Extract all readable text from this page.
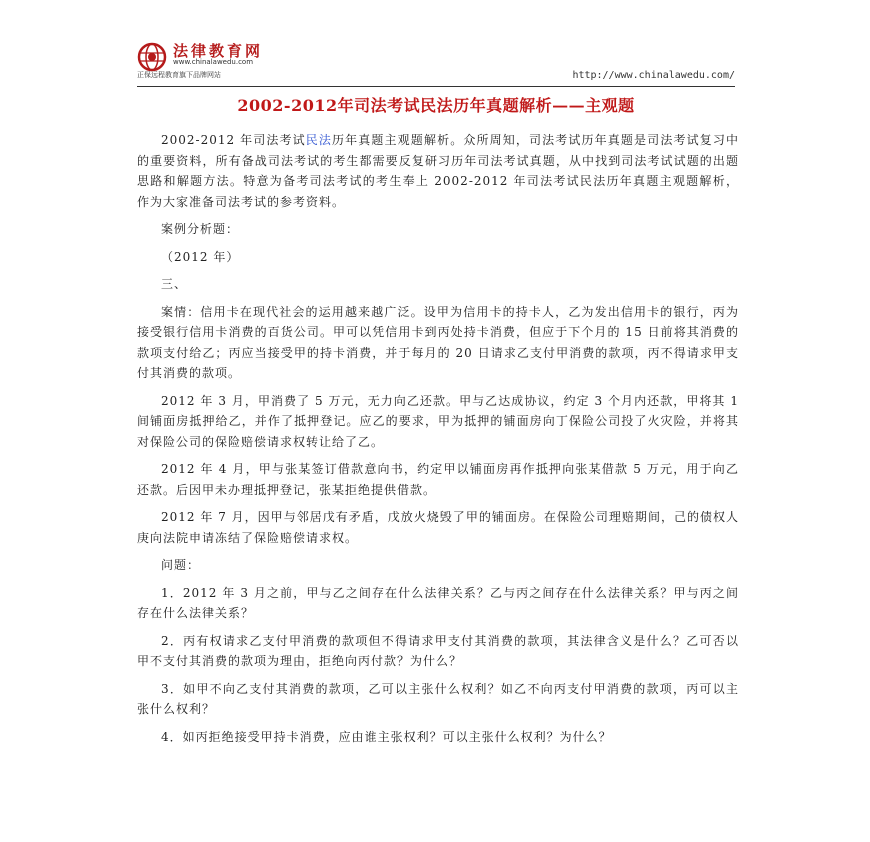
法律教育网
www.chinalawedu.com
正保远程教育旗下品牌网站	http://www.chinalawedu.com/
2002-2012年司法考试民法历年真题解析——主观题

2002-2012 年司法考试民法历年真题主观题解析。众所周知，司法考试历年真题是司法考试复习中的重要资料，所有备战司法考试的考生都需要反复研习历年司法考试真题，从中找到司法考试试题的出题思路和解题方法。特意为备考司法考试的考生奉上 2002-2012 年司法考试民法历年真题主观题解析，作为大家准备司法考试的参考资料。

案例分析题：

（2012 年）

三、

案情：信用卡在现代社会的运用越来越广泛。设甲为信用卡的持卡人，乙为发出信用卡的银行，丙为接受银行信用卡消费的百货公司。甲可以凭信用卡到丙处持卡消费，但应于下个月的 15 日前将其消费的款项支付给乙；丙应当接受甲的持卡消费，并于每月的 20 日请求乙支付甲消费的款项，丙不得请求甲支付其消费的款项。

2012 年 3 月，甲消费了 5 万元，无力向乙还款。甲与乙达成协议，约定 3 个月内还款，甲将其 1 间铺面房抵押给乙，并作了抵押登记。应乙的要求，甲为抵押的铺面房向丁保险公司投了火灾险，并将其对保险公司的保险赔偿请求权转让给了乙。

2012 年 4 月，甲与张某签订借款意向书，约定甲以铺面房再作抵押向张某借款 5 万元，用于向乙还款。后因甲未办理抵押登记，张某拒绝提供借款。

2012 年 7 月，因甲与邻居戊有矛盾，戊放火烧毁了甲的铺面房。在保险公司理赔期间，己的债权人庚向法院申请冻结了保险赔偿请求权。

问题：

1．2012 年 3 月之前，甲与乙之间存在什么法律关系？乙与丙之间存在什么法律关系？甲与丙之间存在什么法律关系？

2．丙有权请求乙支付甲消费的款项但不得请求甲支付其消费的款项，其法律含义是什么？乙可否以甲不支付其消费的款项为理由，拒绝向丙付款？为什么？

3．如甲不向乙支付其消费的款项，乙可以主张什么权利？如乙不向丙支付甲消费的款项，丙可以主张什么权利？

4．如丙拒绝接受甲持卡消费，应由谁主张权利？可以主张什么权利？为什么？
